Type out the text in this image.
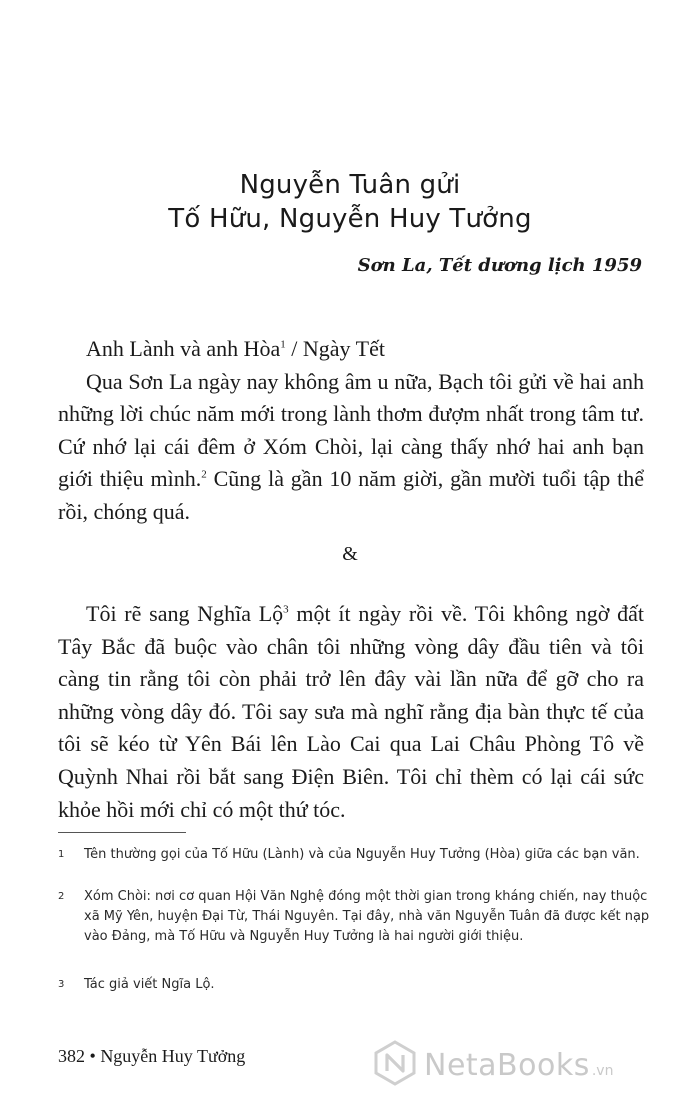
Nguyễn Tuân gửi
Tố Hữu, Nguyễn Huy Tưởng
Sơn La, Tết dương lịch 1959

Anh Lành và anh Hòa$^1$ / Ngày Tết

Qua Sơn La ngày nay không âm u nữa, Bạch tôi gửi về hai anh những lời chúc năm mới trong lành thơm đượm nhất trong tâm tư. Cứ nhớ lại cái đêm ở Xóm Chòi, lại càng thấy nhớ hai anh bạn giới thiệu mình.$^2$ Cũng là gần 10 năm giời, gần mười tuổi tập thể rồi, chóng quá.

&

Tôi rẽ sang Nghĩa Lộ$^3$ một ít ngày rồi về. Tôi không ngờ đất Tây Bắc đã buộc vào chân tôi những vòng dây đầu tiên và tôi càng tin rằng tôi còn phải trở lên đây vài lần nữa để gỡ cho ra những vòng dây đó. Tôi say sưa mà nghĩ rằng địa bàn thực tế của tôi sẽ kéo từ Yên Bái lên Lào Cai qua Lai Châu Phòng Tô về Quỳnh Nhai rồi bắt sang Điện Biên. Tôi chỉ thèm có lại cái sức khỏe hồi mới chỉ có một thứ tóc.

1 Tên thường gọi của Tố Hữu (Lành) và của Nguyễn Huy Tưởng (Hòa) giữa các bạn văn.
2 Xóm Chòi: nơi cơ quan Hội Văn Nghệ đóng một thời gian trong kháng chiến, nay thuộc xã Mỹ Yên, huyện Đại Từ, Thái Nguyên. Tại đây, nhà văn Nguyễn Tuân đã được kết nạp vào Đảng, mà Tố Hữu và Nguyễn Huy Tưởng là hai người giới thiệu.
3 Tác giả viết Ngĩa Lộ.
382 • Nguyễn Huy Tưởng	NetaBooks .vn
